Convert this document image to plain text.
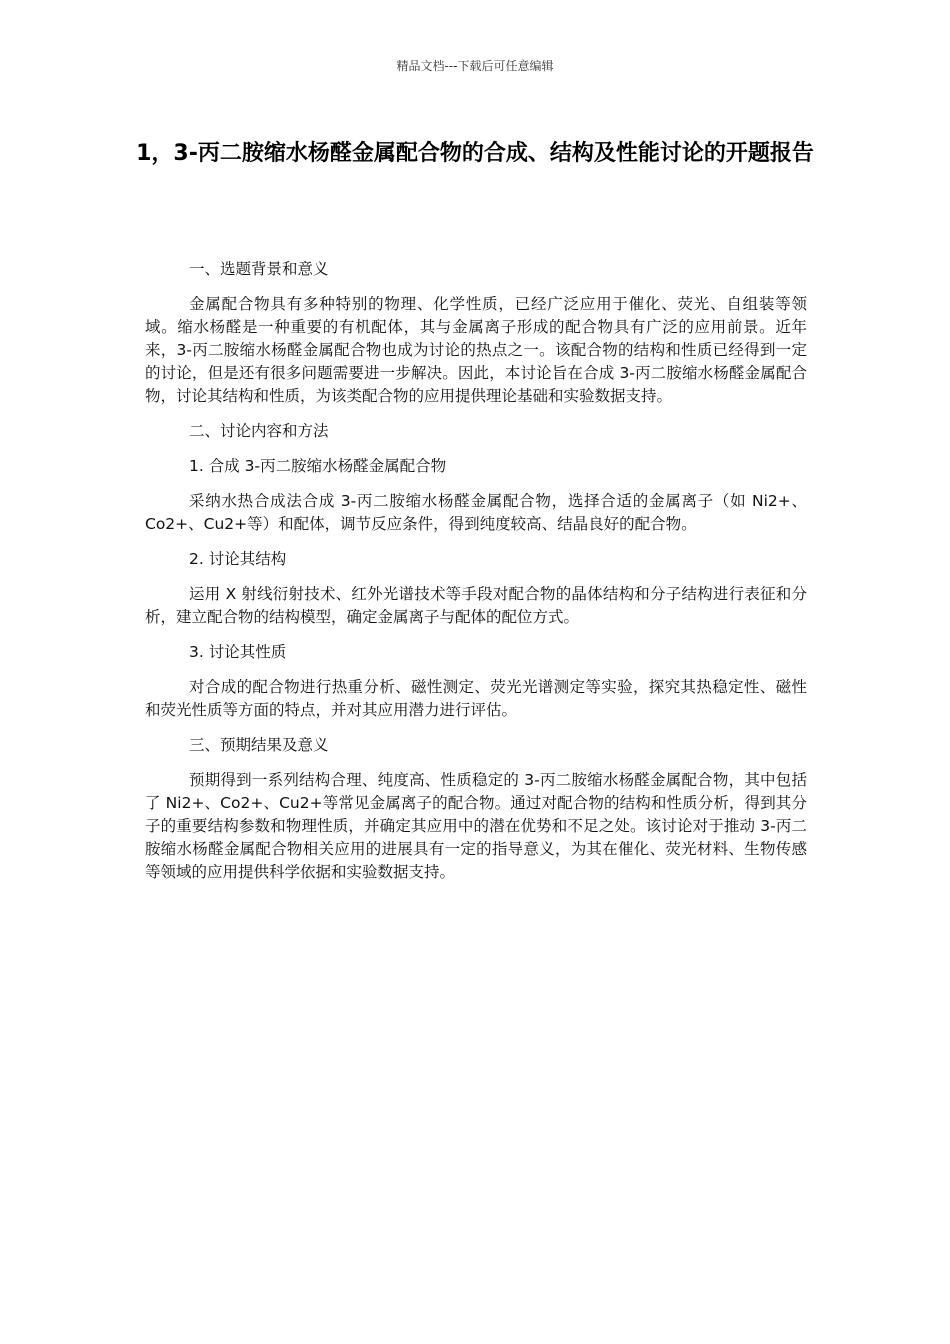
精品文档---下载后可任意编辑
1，3-丙二胺缩水杨醛金属配合物的合成、结构及性能讨论的开题报告

一、选题背景和意义

金属配合物具有多种特别的物理、化学性质，已经广泛应用于催化、荧光、自组装等领域。缩水杨醛是一种重要的有机配体，其与金属离子形成的配合物具有广泛的应用前景。近年来，3-丙二胺缩水杨醛金属配合物也成为讨论的热点之一。该配合物的结构和性质已经得到一定的讨论，但是还有很多问题需要进一步解决。因此，本讨论旨在合成 3-丙二胺缩水杨醛金属配合物，讨论其结构和性质，为该类配合物的应用提供理论基础和实验数据支持。

二、讨论内容和方法

1. 合成 3-丙二胺缩水杨醛金属配合物

采纳水热合成法合成 3-丙二胺缩水杨醛金属配合物，选择合适的金属离子（如 Ni2+、Co2+、Cu2+等）和配体，调节反应条件，得到纯度较高、结晶良好的配合物。

2. 讨论其结构

运用 X 射线衍射技术、红外光谱技术等手段对配合物的晶体结构和分子结构进行表征和分析，建立配合物的结构模型，确定金属离子与配体的配位方式。

3. 讨论其性质

对合成的配合物进行热重分析、磁性测定、荧光光谱测定等实验，探究其热稳定性、磁性和荧光性质等方面的特点，并对其应用潜力进行评估。

三、预期结果及意义

预期得到一系列结构合理、纯度高、性质稳定的 3-丙二胺缩水杨醛金属配合物，其中包括了 Ni2+、Co2+、Cu2+等常见金属离子的配合物。通过对配合物的结构和性质分析，得到其分子的重要结构参数和物理性质，并确定其应用中的潜在优势和不足之处。该讨论对于推动 3-丙二胺缩水杨醛金属配合物相关应用的进展具有一定的指导意义，为其在催化、荧光材料、生物传感等领域的应用提供科学依据和实验数据支持。
